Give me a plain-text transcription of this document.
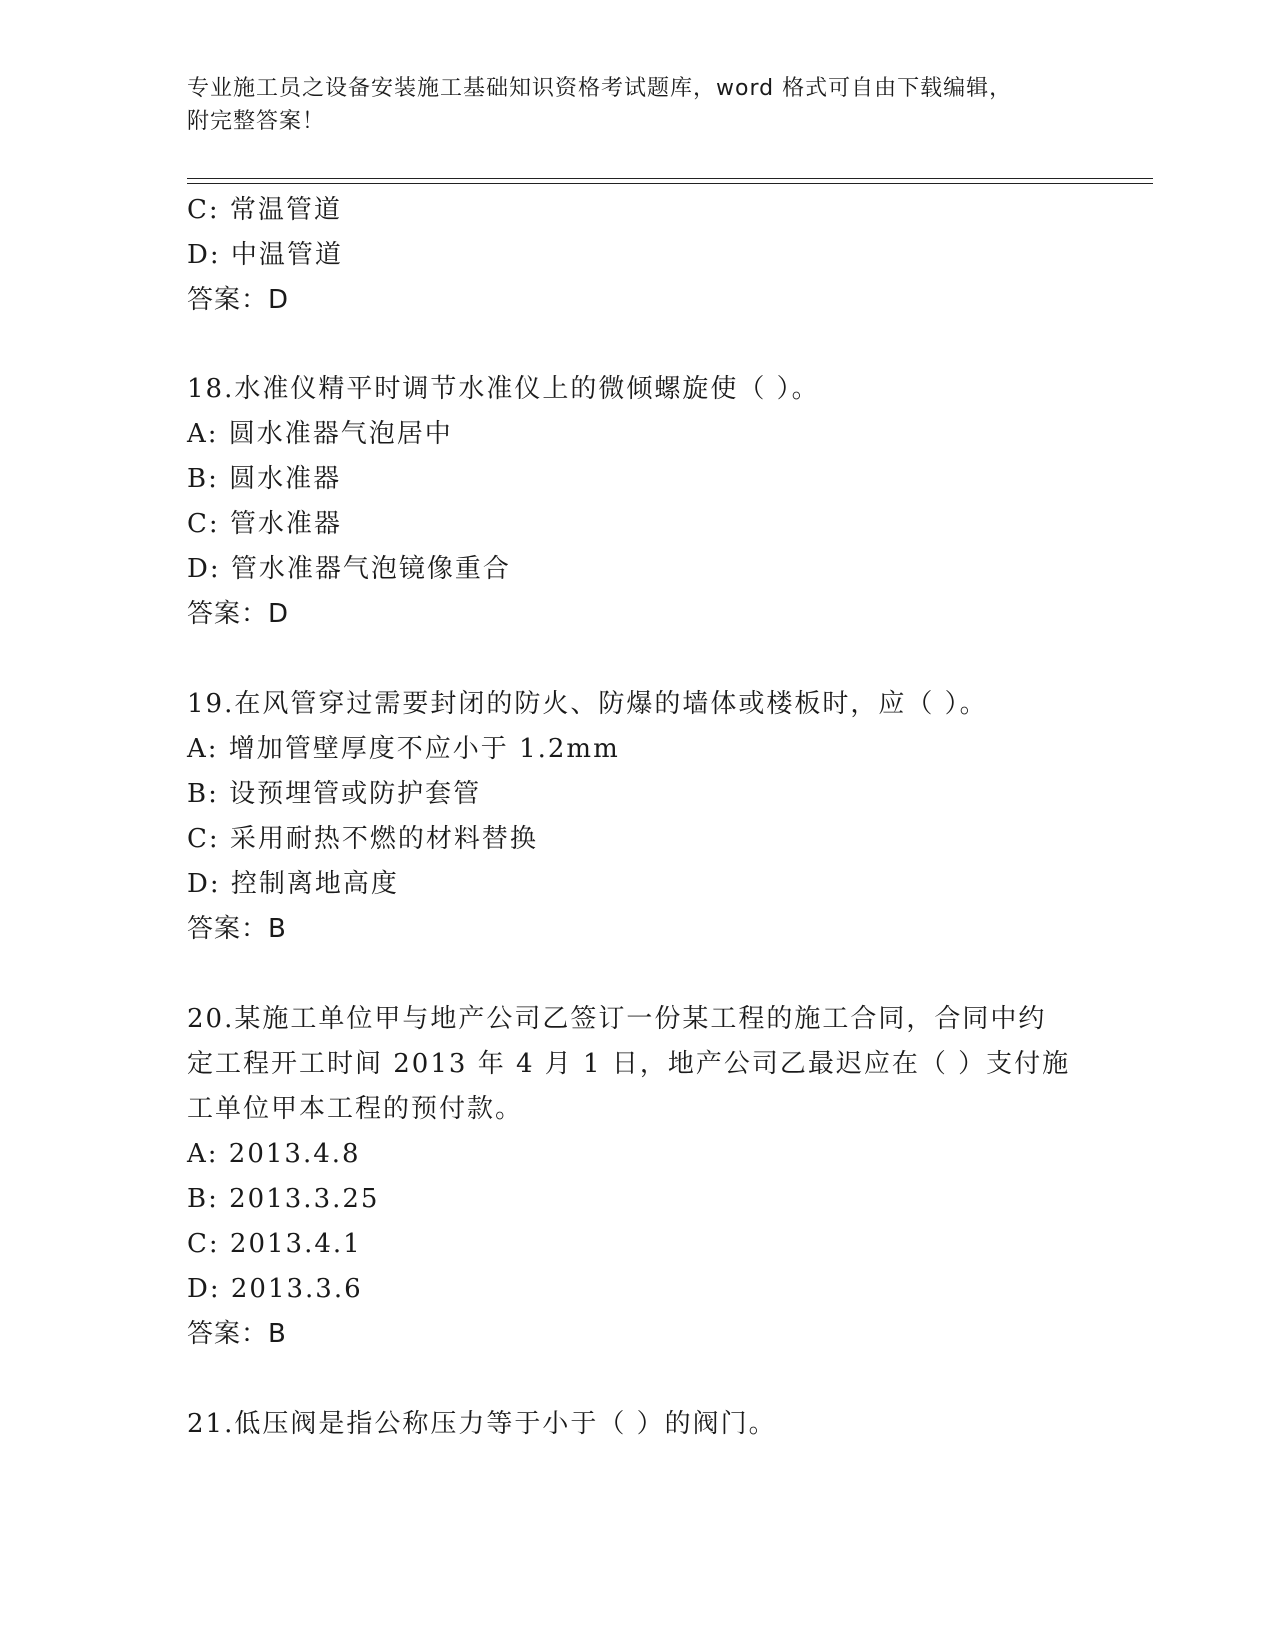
专业施工员之设备安装施工基础知识资格考试题库，word 格式可自由下载编辑，
附完整答案！
C: 常温管道
D: 中温管道
答案：D
18.水准仪精平时调节水准仪上的微倾螺旋使（ ）。
A: 圆水准器气泡居中
B: 圆水准器
C: 管水准器
D: 管水准器气泡镜像重合
答案：D
19.在风管穿过需要封闭的防火、防爆的墙体或楼板时，应（ ）。
A: 增加管壁厚度不应小于 1.2mm
B: 设预埋管或防护套管
C: 采用耐热不燃的材料替换
D: 控制离地高度
答案：B
20.某施工单位甲与地产公司乙签订一份某工程的施工合同，合同中约
定工程开工时间 2013 年 4 月 1 日，地产公司乙最迟应在（ ）支付施
工单位甲本工程的预付款。
A: 2013.4.8
B: 2013.3.25
C: 2013.4.1
D: 2013.3.6
答案：B
21.低压阀是指公称压力等于小于（ ）的阀门。
